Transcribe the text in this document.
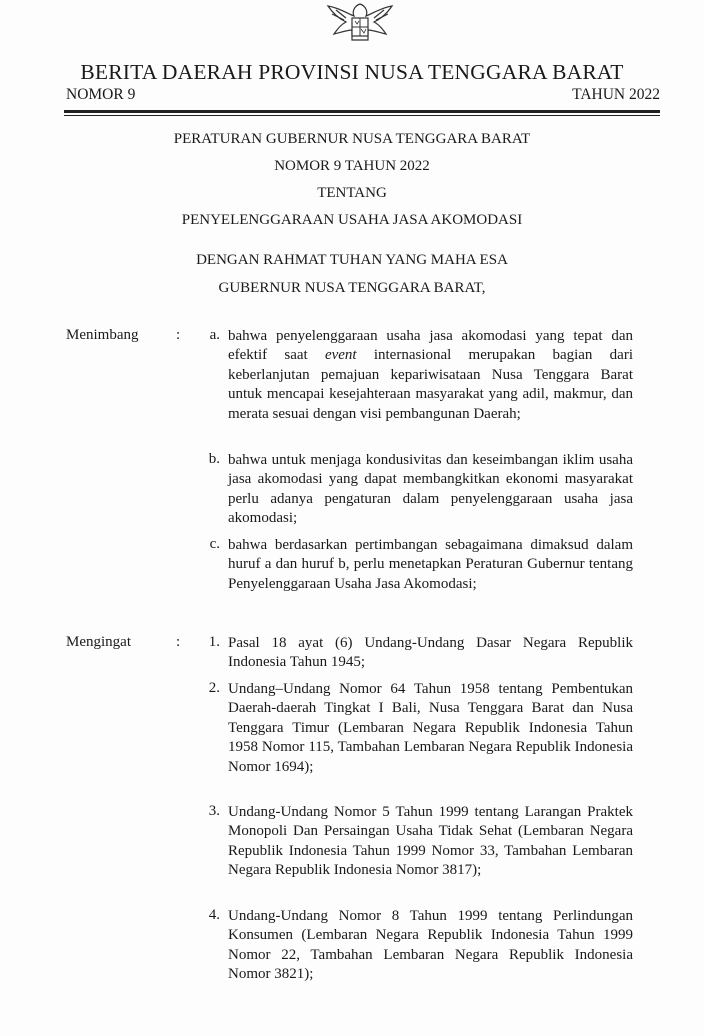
BERITA DAERAH PROVINSI NUSA TENGGARA BARAT
NOMOR 9	TAHUN 2022
PERATURAN GUBERNUR NUSA TENGGARA BARAT
NOMOR 9 TAHUN 2022
TENTANG
PENYELENGGARAAN USAHA JASA AKOMODASI
DENGAN RAHMAT TUHAN YANG MAHA ESA
GUBERNUR NUSA TENGGARA BARAT,
Menimbang	:	a. bahwa penyelenggaraan usaha jasa akomodasi yang tepat dan efektif saat event internasional merupakan bagian dari keberlanjutan pemajuan kepariwisataan Nusa Tenggara Barat untuk mencapai kesejahteraan masyarakat yang adil, makmur, dan merata sesuai dengan visi pembangunan Daerah;
b. bahwa untuk menjaga kondusivitas dan keseimbangan iklim usaha jasa akomodasi yang dapat membangkitkan ekonomi masyarakat perlu adanya pengaturan dalam penyelenggaraan usaha jasa akomodasi;
c. bahwa berdasarkan pertimbangan sebagaimana dimaksud dalam huruf a dan huruf b, perlu menetapkan Peraturan Gubernur tentang Penyelenggaraan Usaha Jasa Akomodasi;
Mengingat	:	1. Pasal 18 ayat (6) Undang-Undang Dasar Negara Republik Indonesia Tahun 1945;
2. Undang–Undang Nomor 64 Tahun 1958 tentang Pembentukan Daerah-daerah Tingkat I Bali, Nusa Tenggara Barat dan Nusa Tenggara Timur (Lembaran Negara Republik Indonesia Tahun 1958 Nomor 115, Tambahan Lembaran Negara Republik Indonesia Nomor 1694);
3. Undang-Undang Nomor 5 Tahun 1999 tentang Larangan Praktek Monopoli Dan Persaingan Usaha Tidak Sehat (Lembaran Negara Republik Indonesia Tahun 1999 Nomor 33, Tambahan Lembaran Negara Republik Indonesia Nomor 3817);
4. Undang-Undang Nomor 8 Tahun 1999 tentang Perlindungan Konsumen (Lembaran Negara Republik Indonesia Tahun 1999 Nomor 22, Tambahan Lembaran Negara Republik Indonesia Nomor 3821);
